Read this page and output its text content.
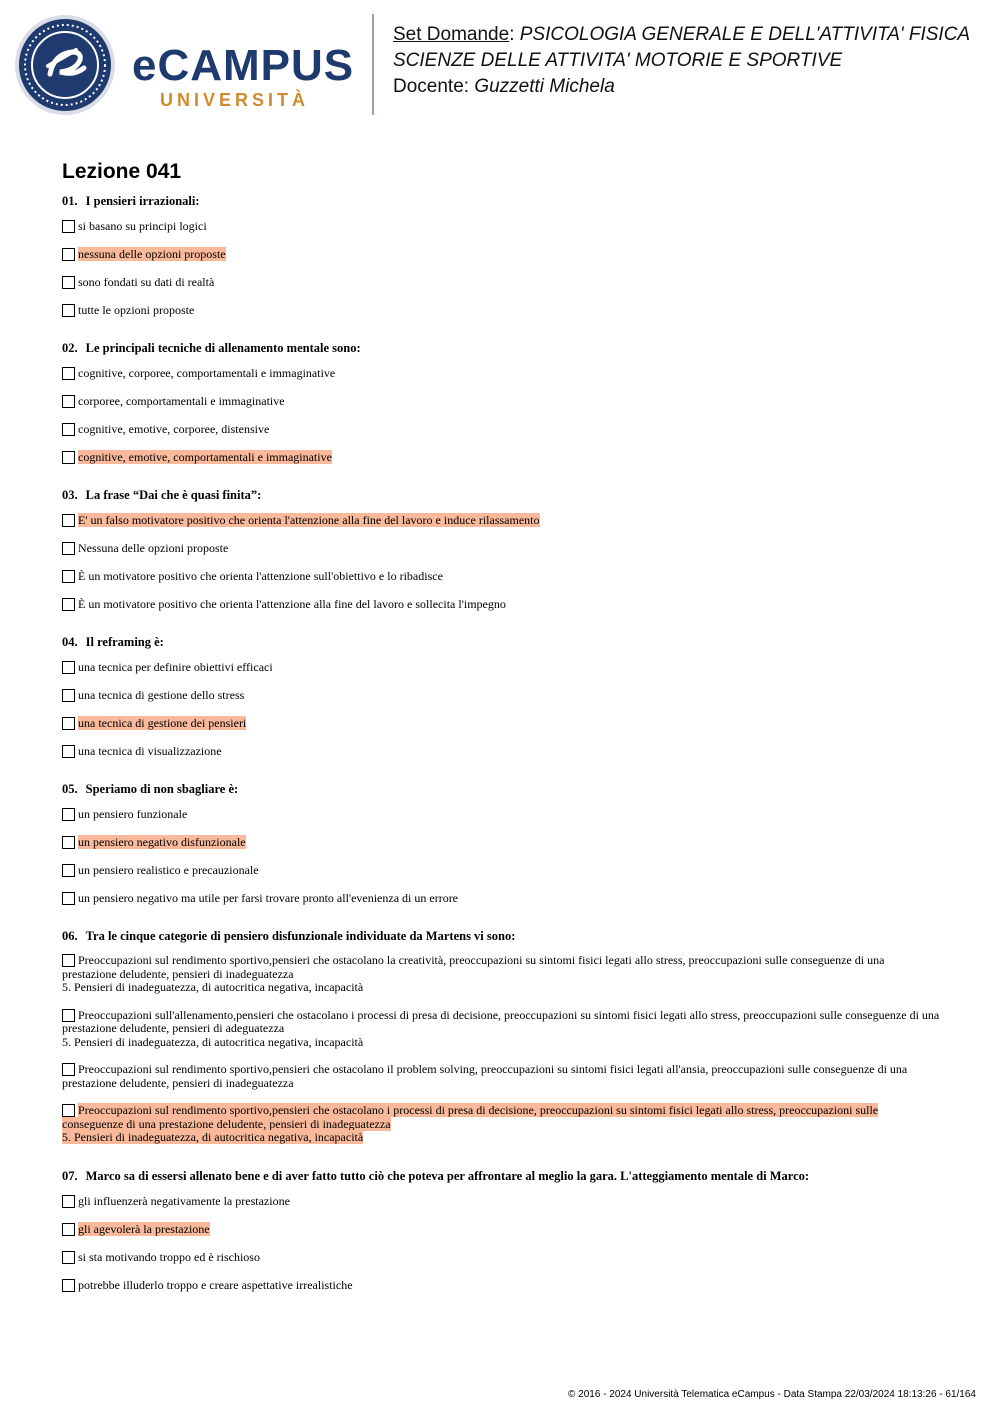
eCAMPUS
UNIVERSITÀ
Set Domande: PSICOLOGIA GENERALE E DELL'ATTIVITA' FISICA
SCIENZE DELLE ATTIVITA' MOTORIE E SPORTIVE
Docente: Guzzetti Michela
Lezione 041
01. I pensieri irrazionali:
si basano su principi logici
nessuna delle opzioni proposte
sono fondati su dati di realtà
tutte le opzioni proposte
02. Le principali tecniche di allenamento mentale sono:
cognitive, corporee, comportamentali e immaginative
corporee, comportamentali e immaginative
cognitive, emotive, corporee, distensive
cognitive, emotive, comportamentali e immaginative
03. La frase “Dai che è quasi finita”:
E' un falso motivatore positivo che orienta l'attenzione alla fine del lavoro e induce rilassamento
Nessuna delle opzioni proposte
È un motivatore positivo che orienta l'attenzione sull'obiettivo e lo ribadisce
È un motivatore positivo che orienta l'attenzione alla fine del lavoro e sollecita l'impegno
04. Il reframing è:
una tecnica per definire obiettivi efficaci
una tecnica di gestione dello stress
una tecnica di gestione dei pensieri
una tecnica di visualizzazione
05. Speriamo di non sbagliare è:
un pensiero funzionale
un pensiero negativo disfunzionale
un pensiero realistico e precauzionale
un pensiero negativo ma utile per farsi trovare pronto all'evenienza di un errore
06. Tra le cinque categorie di pensiero disfunzionale individuate da Martens vi sono:
Preoccupazioni sul rendimento sportivo,pensieri che ostacolano la creatività, preoccupazioni su sintomi fisici legati allo stress, preoccupazioni sulle conseguenze di una prestazione deludente, pensieri di inadeguatezza
5. Pensieri di inadeguatezza, di autocritica negativa, incapacità
Preoccupazioni sull'allenamento,pensieri che ostacolano i processi di presa di decisione, preoccupazioni su sintomi fisici legati allo stress, preoccupazioni sulle conseguenze di una prestazione deludente, pensieri di adeguatezza
5. Pensieri di inadeguatezza, di autocritica negativa, incapacità
Preoccupazioni sul rendimento sportivo,pensieri che ostacolano il problem solving, preoccupazioni su sintomi fisici legati all'ansia, preoccupazioni sulle conseguenze di una prestazione deludente, pensieri di inadeguatezza
Preoccupazioni sul rendimento sportivo,pensieri che ostacolano i processi di presa di decisione, preoccupazioni su sintomi fisici legati allo stress, preoccupazioni sulle conseguenze di una prestazione deludente, pensieri di inadeguatezza
5. Pensieri di inadeguatezza, di autocritica negativa, incapacità
07. Marco sa di essersi allenato bene e di aver fatto tutto ciò che poteva per affrontare al meglio la gara. L'atteggiamento mentale di Marco:
gli influenzerà negativamente la prestazione
gli agevolerà la prestazione
si sta motivando troppo ed è rischioso
potrebbe illuderlo troppo e creare aspettative irrealistiche
© 2016 - 2024 Università Telematica eCampus - Data Stampa 22/03/2024 18:13:26 - 61/164
